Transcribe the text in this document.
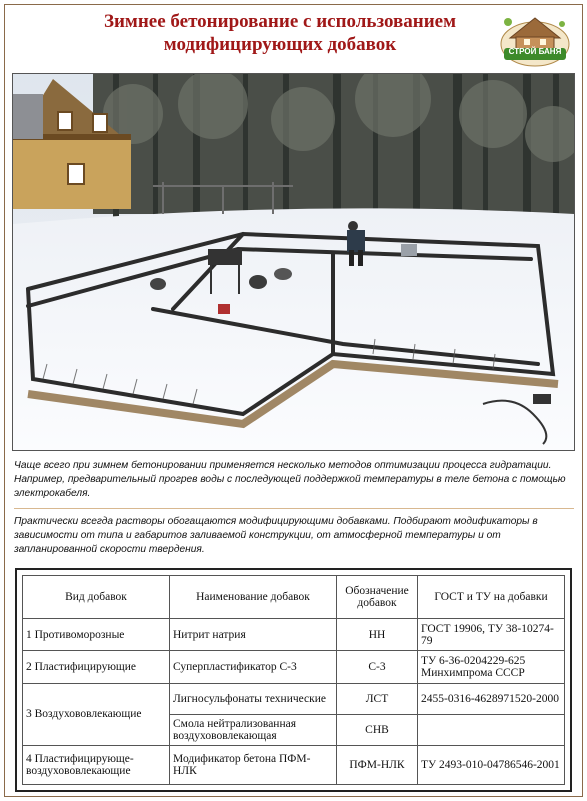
Зимнее бетонирование с использованием
модифицирующих добавок	СТРОЙ БАНЯ
Чаще всего при зимнем бетонировании применяется несколько методов оптимизации процесса гидратации. Например, предварительный прогрев воды с последующей поддержкой температуры в теле бетона с помощью электрокабеля.
Практически всегда растворы обогащаются модифицирующими добавками. Подбирают модификаторы в зависимости от типа и габаритов заливаемой конструкции, от атмосферной температуры и от запланированной скорости твердения.
Вид добавок	Наименование добавок	Обозначение добавок	ГОСТ и ТУ на добавки
1 Противоморозные	Нитрит натрия	НН	ГОСТ 19906, ТУ 38-10274-79
2 Пластифицирующие	Суперпластификатор С-3	С-3	ТУ 6-36-0204229-625 Минхимпрома СССР
3 Воздухововлекающие	Лигносульфонаты технические	ЛСТ	2455-0316-4628971520-2000
	Смола нейтрализованная воздухововлекающая	СНВ	
4 Пластифицирующе-воздухововлекающие	Модификатор бетона ПФМ-НЛК	ПФМ-НЛК	ТУ 2493-010-04786546-2001
